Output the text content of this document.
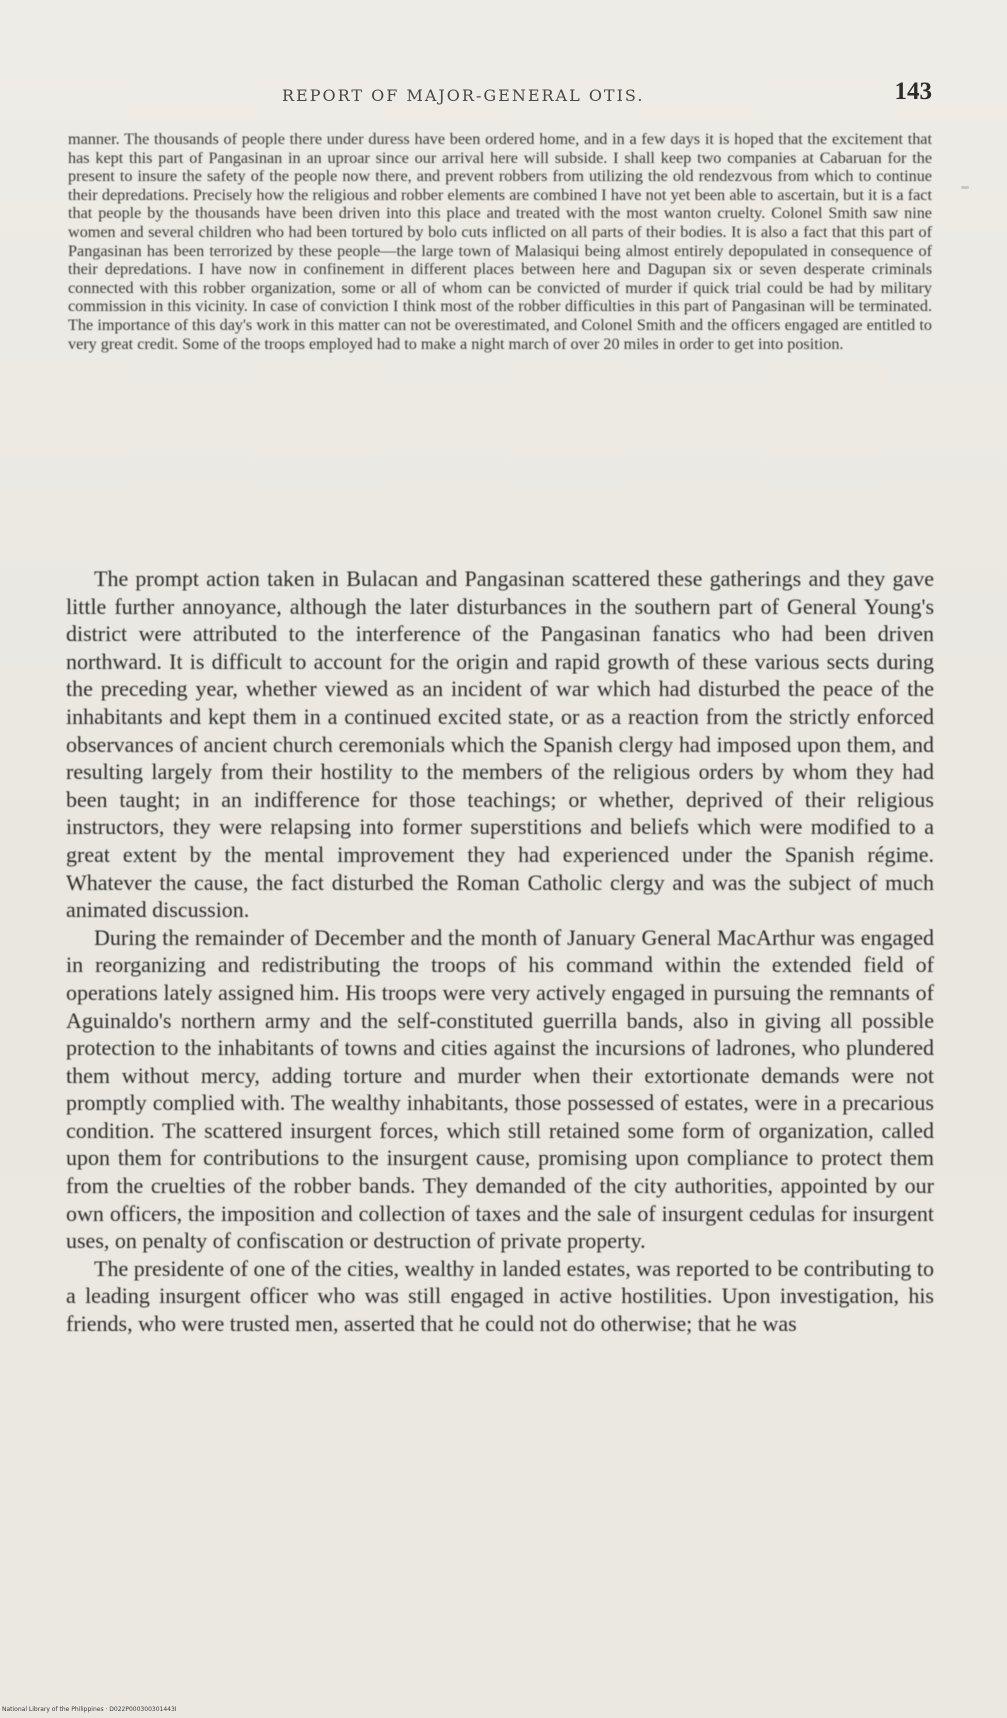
REPORT OF MAJOR-GENERAL OTIS.	143

manner. The thousands of people there under duress have been ordered home, and in a few days it is hoped that the excitement that has kept this part of Pangasinan in an uproar since our arrival here will subside. I shall keep two companies at Cabaruan for the present to insure the safety of the people now there, and prevent robbers from utilizing the old rendezvous from which to continue their depredations. Precisely how the religious and robber elements are combined I have not yet been able to ascertain, but it is a fact that people by the thousands have been driven into this place and treated with the most wanton cruelty. Colonel Smith saw nine women and several children who had been tortured by bolo cuts inflicted on all parts of their bodies. It is also a fact that this part of Pangasinan has been terrorized by these people—the large town of Malasiqui being almost entirely depopulated in consequence of their depredations. I have now in confinement in different places between here and Dagupan six or seven desperate criminals connected with this robber organization, some or all of whom can be convicted of murder if quick trial could be had by military commission in this vicinity. In case of conviction I think most of the robber difficulties in this part of Pangasinan will be terminated. The importance of this day's work in this matter can not be overestimated, and Colonel Smith and the officers engaged are entitled to very great credit. Some of the troops employed had to make a night march of over 20 miles in order to get into position.

The prompt action taken in Bulacan and Pangasinan scattered these gatherings and they gave little further annoyance, although the later disturbances in the southern part of General Young's district were attributed to the interference of the Pangasinan fanatics who had been driven northward. It is difficult to account for the origin and rapid growth of these various sects during the preceding year, whether viewed as an incident of war which had disturbed the peace of the inhabitants and kept them in a continued excited state, or as a reaction from the strictly enforced observances of ancient church ceremonials which the Spanish clergy had imposed upon them, and resulting largely from their hostility to the members of the religious orders by whom they had been taught; in an indifference for those teachings; or whether, deprived of their religious instructors, they were relapsing into former superstitions and beliefs which were modified to a great extent by the mental improvement they had experienced under the Spanish régime. Whatever the cause, the fact disturbed the Roman Catholic clergy and was the subject of much animated discussion.

During the remainder of December and the month of January General MacArthur was engaged in reorganizing and redistributing the troops of his command within the extended field of operations lately assigned him. His troops were very actively engaged in pursuing the remnants of Aguinaldo's northern army and the self-constituted guerrilla bands, also in giving all possible protection to the inhabitants of towns and cities against the incursions of ladrones, who plundered them without mercy, adding torture and murder when their extortionate demands were not promptly complied with. The wealthy inhabitants, those possessed of estates, were in a precarious condition. The scattered insurgent forces, which still retained some form of organization, called upon them for contributions to the insurgent cause, promising upon compliance to protect them from the cruelties of the robber bands. They demanded of the city authorities, appointed by our own officers, the imposition and collection of taxes and the sale of insurgent cedulas for insurgent uses, on penalty of confiscation or destruction of private property.

The presidente of one of the cities, wealthy in landed estates, was reported to be contributing to a leading insurgent officer who was still engaged in active hostilities. Upon investigation, his friends, who were trusted men, asserted that he could not do otherwise; that he was

National Library of the Philippines · D022P000300301443I
